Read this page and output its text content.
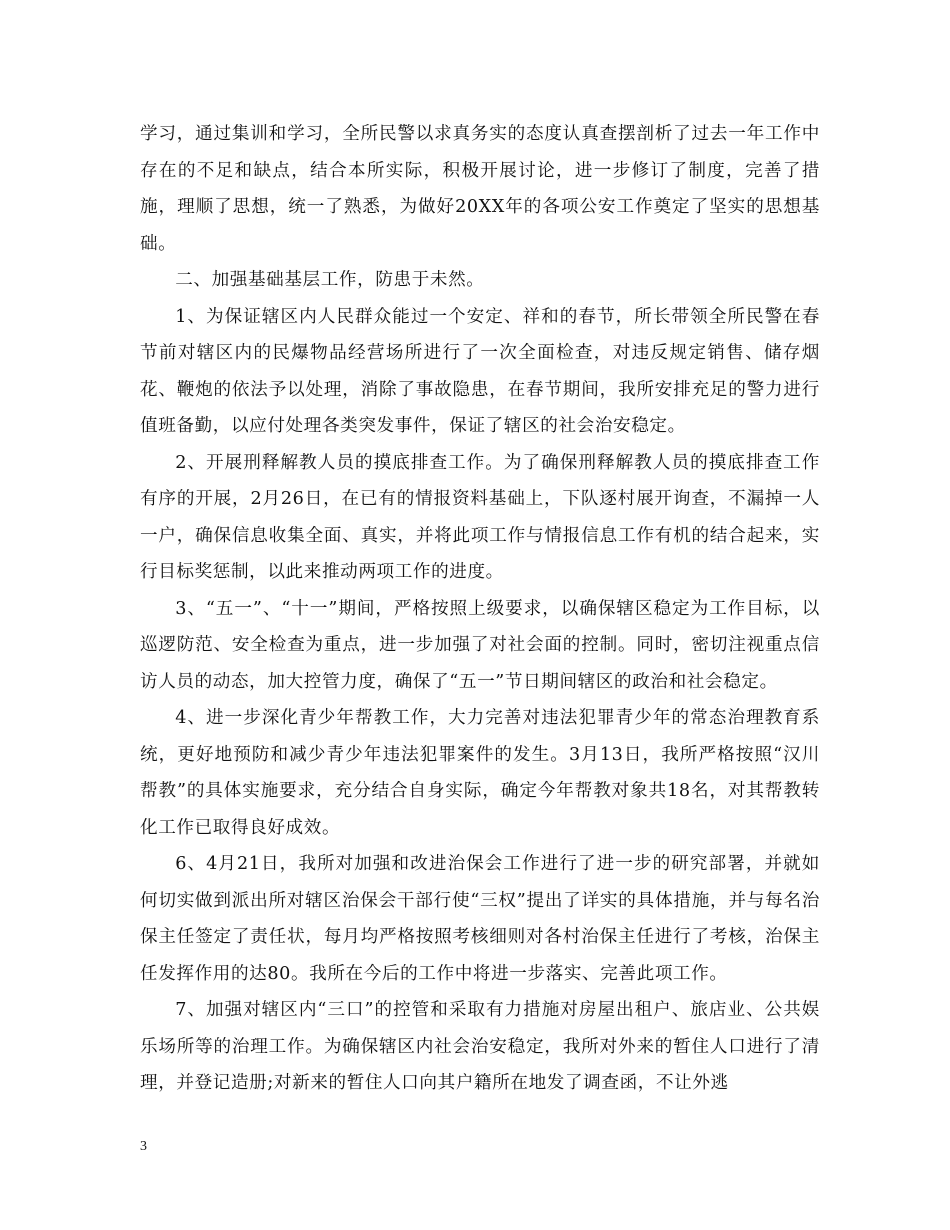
学习，通过集训和学习，全所民警以求真务实的态度认真查摆剖析了过去一年工作中存在的不足和缺点，结合本所实际，积极开展讨论，进一步修订了制度，完善了措施，理顺了思想，统一了熟悉，为做好20XX年的各项公安工作奠定了坚实的思想基础。

二、加强基础基层工作，防患于未然。

1、为保证辖区内人民群众能过一个安定、祥和的春节，所长带领全所民警在春节前对辖区内的民爆物品经营场所进行了一次全面检查，对违反规定销售、储存烟花、鞭炮的依法予以处理，消除了事故隐患，在春节期间，我所安排充足的警力进行值班备勤，以应付处理各类突发事件，保证了辖区的社会治安稳定。

2、开展刑释解教人员的摸底排查工作。为了确保刑释解教人员的摸底排查工作有序的开展，2月26日，在已有的情报资料基础上，下队逐村展开询查，不漏掉一人一户，确保信息收集全面、真实，并将此项工作与情报信息工作有机的结合起来，实行目标奖惩制，以此来推动两项工作的进度。

3、“五一”、“十一”期间，严格按照上级要求，以确保辖区稳定为工作目标，以巡逻防范、安全检查为重点，进一步加强了对社会面的控制。同时，密切注视重点信访人员的动态，加大控管力度，确保了“五一”节日期间辖区的政治和社会稳定。

4、进一步深化青少年帮教工作，大力完善对违法犯罪青少年的常态治理教育系统，更好地预防和减少青少年违法犯罪案件的发生。3月13日，我所严格按照“汉川帮教”的具体实施要求，充分结合自身实际，确定今年帮教对象共18名，对其帮教转化工作已取得良好成效。

6、4月21日，我所对加强和改进治保会工作进行了进一步的研究部署，并就如何切实做到派出所对辖区治保会干部行使“三权”提出了详实的具体措施，并与每名治保主任签定了责任状，每月均严格按照考核细则对各村治保主任进行了考核，治保主任发挥作用的达80。我所在今后的工作中将进一步落实、完善此项工作。

7、加强对辖区内“三口”的控管和采取有力措施对房屋出租户、旅店业、公共娱乐场所等的治理工作。为确保辖区内社会治安稳定，我所对外来的暂住人口进行了清理，并登记造册;对新来的暂住人口向其户籍所在地发了调查函，不让外逃

3
